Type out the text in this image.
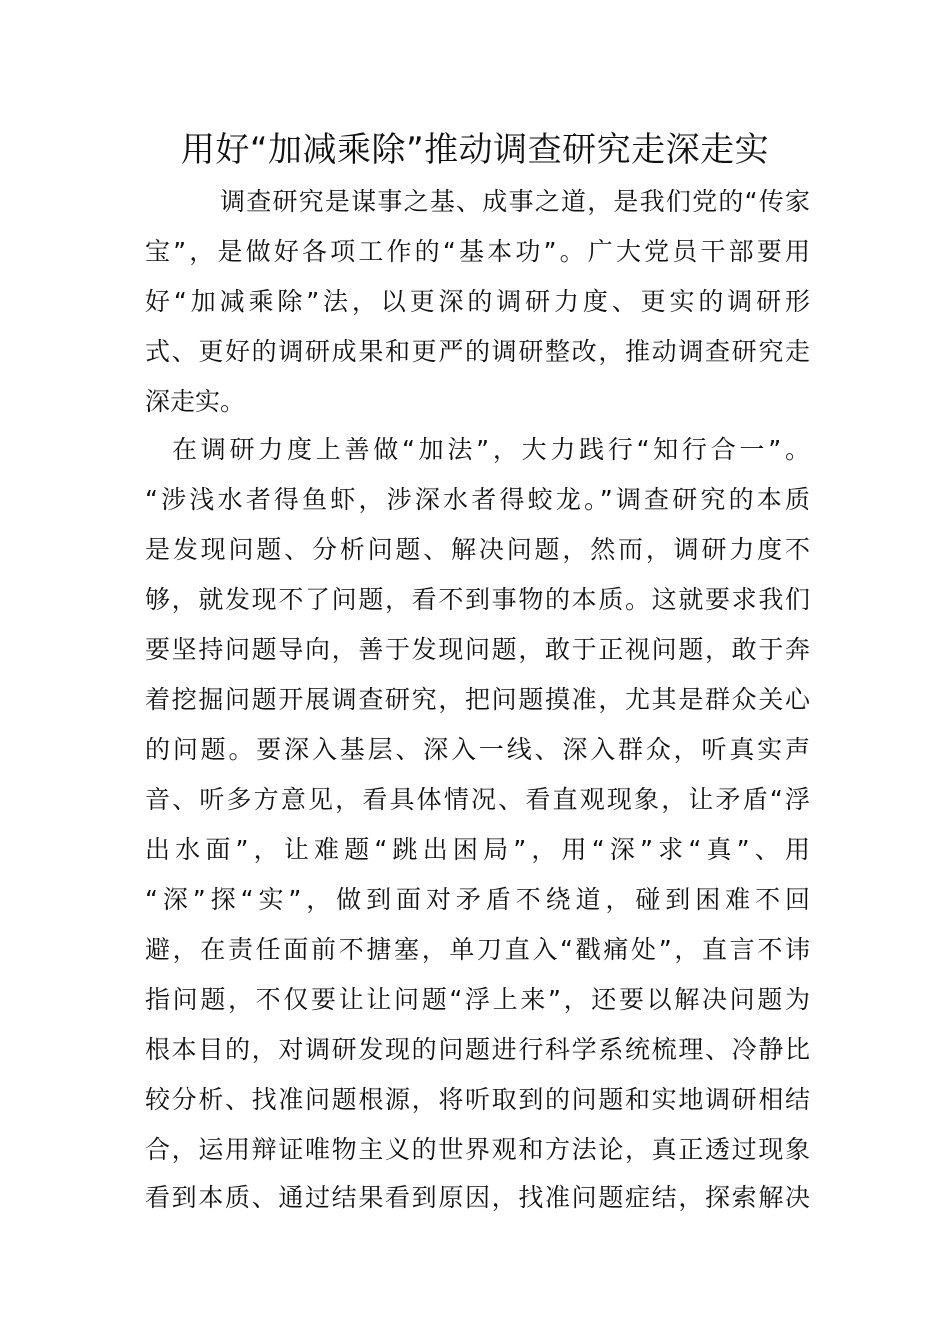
用好“加减乘除”推动调查研究走深走实

调查研究是谋事之基、成事之道，是我们党的“传家

宝”，是做好各项工作的“基本功”。广大党员干部要用

好“加减乘除”法，以更深的调研力度、更实的调研形

式、更好的调研成果和更严的调研整改，推动调查研究走

深走实。

在调研力度上善做“加法”，大力践行“知行合一”。

“涉浅水者得鱼虾，涉深水者得蛟龙。”调查研究的本质

是发现问题、分析问题、解决问题，然而，调研力度不

够，就发现不了问题，看不到事物的本质。这就要求我们

要坚持问题导向，善于发现问题，敢于正视问题，敢于奔

着挖掘问题开展调查研究，把问题摸准，尤其是群众关心

的问题。要深入基层、深入一线、深入群众，听真实声

音、听多方意见，看具体情况、看直观现象，让矛盾“浮

出水面”，让难题“跳出困局”，用“深”求“真”、用

“深”探“实”，做到面对矛盾不绕道，碰到困难不回

避，在责任面前不搪塞，单刀直入“戳痛处”，直言不讳

指问题，不仅要让让问题“浮上来”，还要以解决问题为

根本目的，对调研发现的问题进行科学系统梳理、冷静比

较分析、找准问题根源，将听取到的问题和实地调研相结

合，运用辩证唯物主义的世界观和方法论，真正透过现象

看到本质、通过结果看到原因，找准问题症结，探索解决
